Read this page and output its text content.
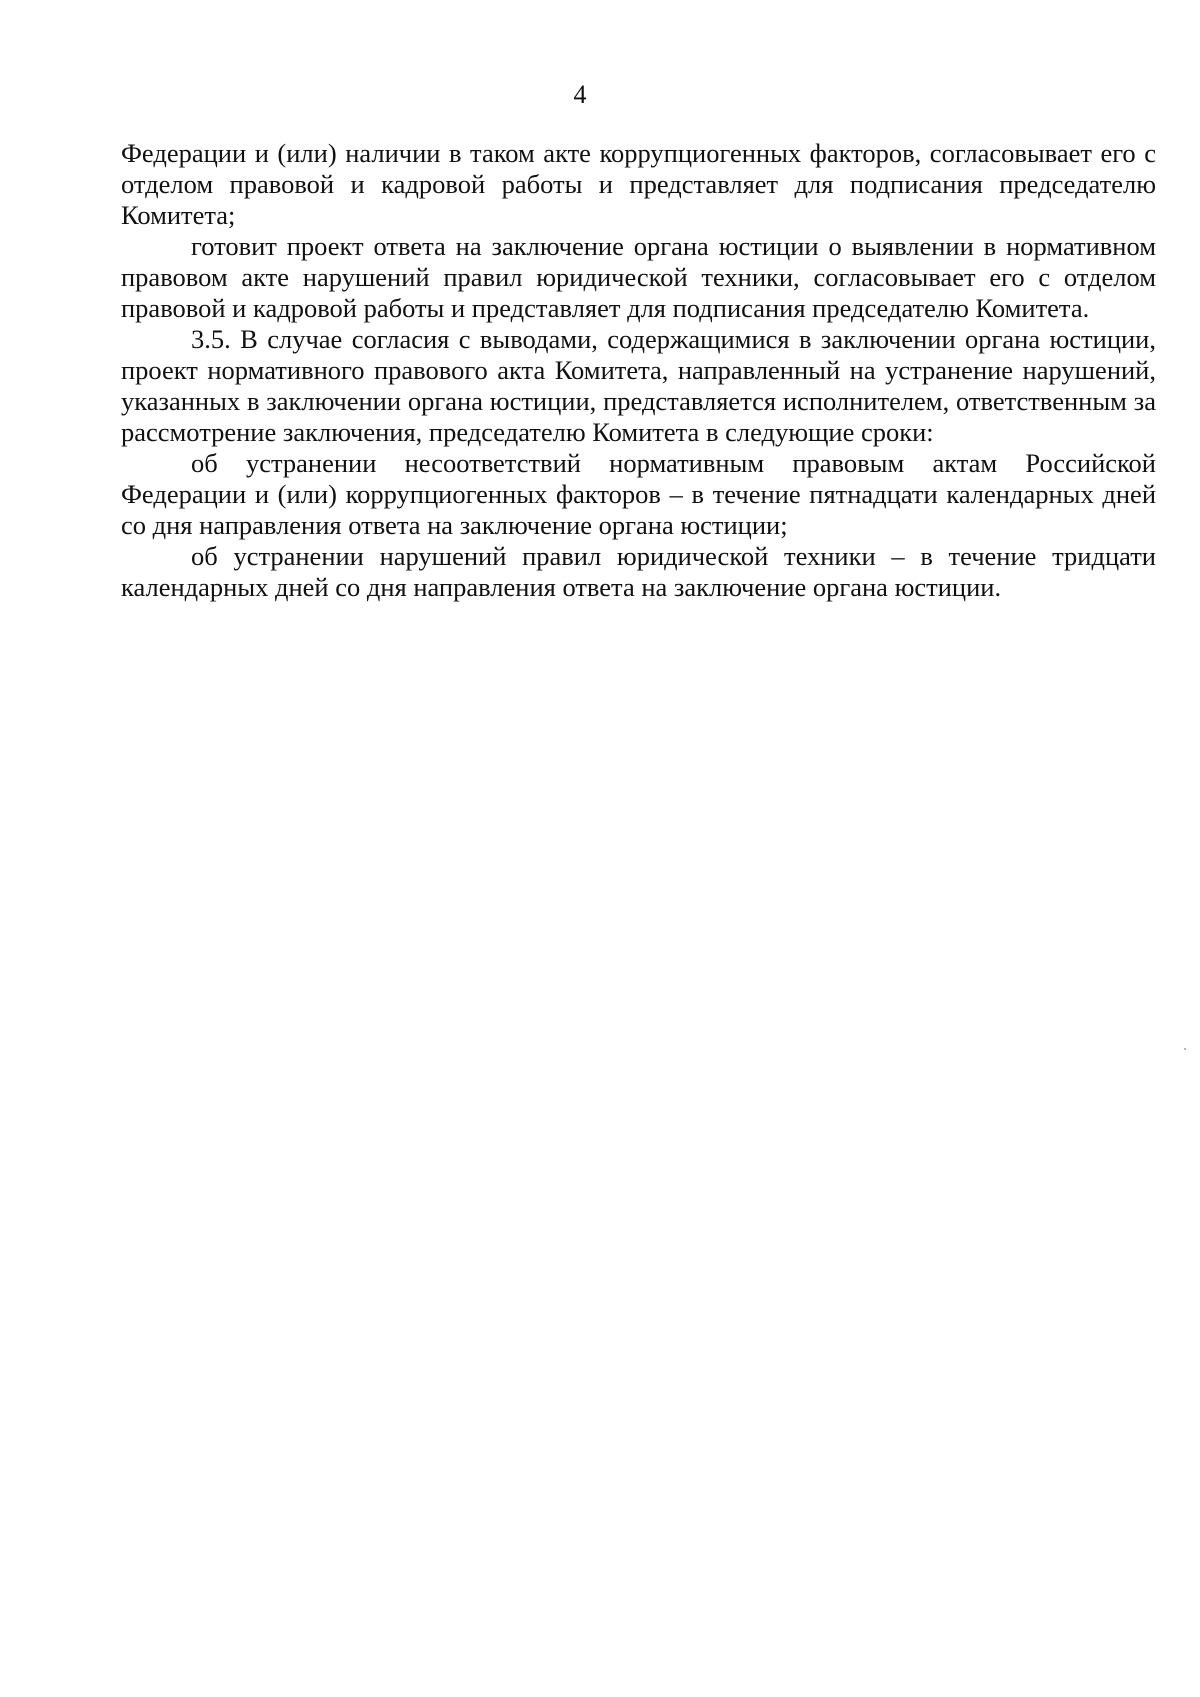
4

Федерации и (или) наличии в таком акте коррупциогенных факторов, согласовывает его с отделом правовой и кадровой работы и представляет для подписания председателю Комитета;

готовит проект ответа на заключение органа юстиции о выявлении в нормативном правовом акте нарушений правил юридической техники, согласовывает его с отделом правовой и кадровой работы и представляет для подписания председателю Комитета.

3.5. В случае согласия с выводами, содержащимися в заключении органа юстиции, проект нормативного правового акта Комитета, направленный на устранение нарушений, указанных в заключении органа юстиции, представляется исполнителем, ответственным за рассмотрение заключения, председателю Комитета в следующие сроки:

об устранении несоответствий нормативным правовым актам Российской Федерации и (или) коррупциогенных факторов – в течение пятнадцати календарных дней со дня направления ответа на заключение органа юстиции;

об устранении нарушений правил юридической техники – в течение тридцати календарных дней со дня направления ответа на заключение органа юстиции.
